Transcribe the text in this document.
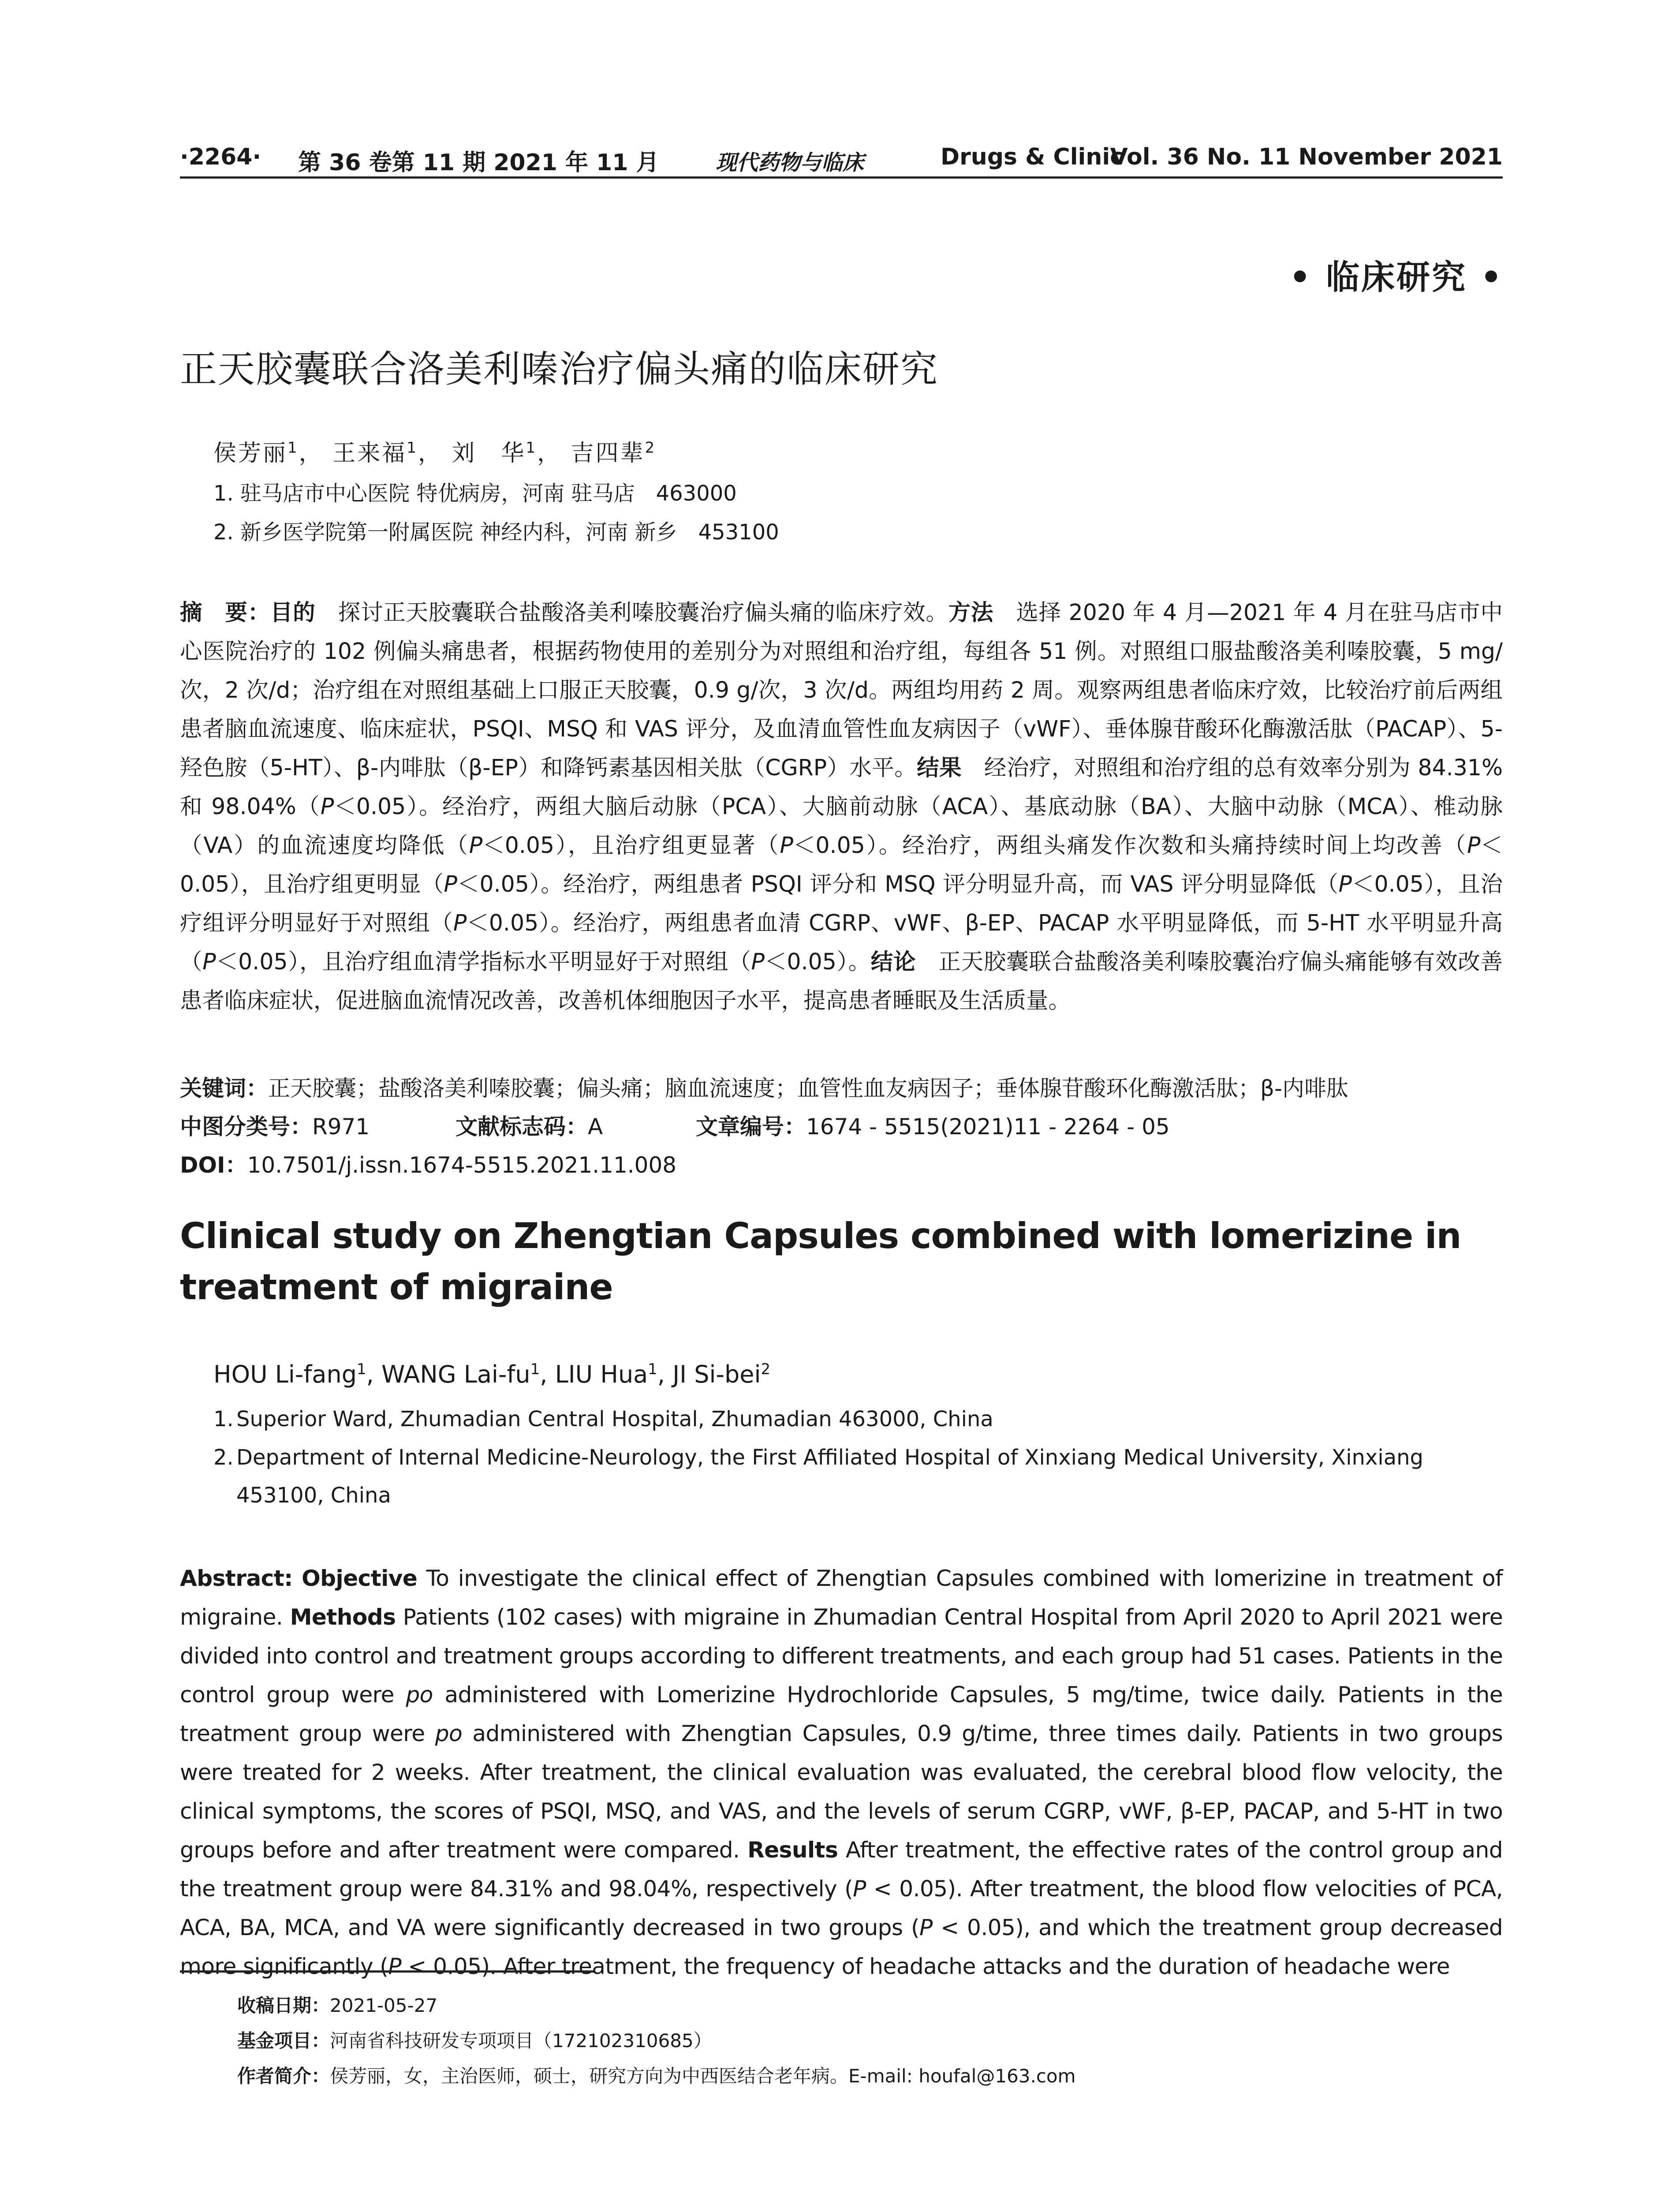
·2264· 第 36 卷第 11 期 2021 年 11 月	现代药物与临床	Drugs & Clinic
Vol. 36 No. 11 November 2021
• 临床研究 •
正天胶囊联合洛美利嗪治疗偏头痛的临床研究
侯芳丽$^1$， 王来福$^1$， 刘　华$^1$， 吉四辈$^2$
1. 驻马店市中心医院 特优病房，河南 驻马店　463000
2. 新乡医学院第一附属医院 神经内科，河南 新乡　453100

摘　要：目的　探讨正天胶囊联合盐酸洛美利嗪胶囊治疗偏头痛的临床疗效。方法　选择 2020 年 4 月—2021 年 4 月在驻马店市中心医院治疗的 102 例偏头痛患者，根据药物使用的差别分为对照组和治疗组，每组各 51 例。对照组口服盐酸洛美利嗪胶囊，5 mg/次，2 次/d；治疗组在对照组基础上口服正天胶囊，0.9 g/次，3 次/d。两组均用药 2 周。观察两组患者临床疗效，比较治疗前后两组患者脑血流速度、临床症状，PSQI、MSQ 和 VAS 评分，及血清血管性血友病因子（vWF）、垂体腺苷酸环化酶激活肽（PACAP）、5-羟色胺（5-HT）、β-内啡肽（β-EP）和降钙素基因相关肽（CGRP）水平。结果　经治疗，对照组和治疗组的总有效率分别为 84.31%和 98.04%（P＜0.05）。经治疗，两组大脑后动脉（PCA）、大脑前动脉（ACA）、基底动脉（BA）、大脑中动脉（MCA）、椎动脉（VA）的血流速度均降低（P＜0.05），且治疗组更显著（P＜0.05）。经治疗，两组头痛发作次数和头痛持续时间上均改善（P＜0.05），且治疗组更明显（P＜0.05）。经治疗，两组患者 PSQI 评分和 MSQ 评分明显升高，而 VAS 评分明显降低（P＜0.05），且治疗组评分明显好于对照组（P＜0.05）。经治疗，两组患者血清 CGRP、vWF、β-EP、PACAP 水平明显降低，而 5-HT 水平明显升高（P＜0.05），且治疗组血清学指标水平明显好于对照组（P＜0.05）。结论　正天胶囊联合盐酸洛美利嗪胶囊治疗偏头痛能够有效改善患者临床症状，促进脑血流情况改善，改善机体细胞因子水平，提高患者睡眠及生活质量。

关键词：正天胶囊；盐酸洛美利嗪胶囊；偏头痛；脑血流速度；血管性血友病因子；垂体腺苷酸环化酶激活肽；β-内啡肽
中图分类号：R971	文献标志码：A	文章编号：1674 - 5515(2021)11 - 2264 - 05
DOI：10.7501/j.issn.1674-5515.2021.11.008
Clinical study on Zhengtian Capsules combined with lomerizine in treatment of migraine
HOU Li-fang$^1$, WANG Lai-$fu^1$, LIU Hua$^1$, JI Si-bei$^2$
1. Superior Ward, Zhumadian Central Hospital, Zhumadian 463000, China
2. Department of Internal Medicine-Neurology, the First Affiliated Hospital of Xinxiang Medical University, Xinxiang 453100, China

Abstract: Objective To investigate the clinical effect of Zhengtian Capsules combined with lomerizine in treatment of migraine. Methods Patients (102 cases) with migraine in Zhumadian Central Hospital from April 2020 to April 2021 were divided into control and treatment groups according to different treatments, and each group had 51 cases. Patients in the control group were po administered with Lomerizine Hydrochloride Capsules, 5 mg/time, twice daily. Patients in the treatment group were po administered with Zhengtian Capsules, 0.9 g/time, three times daily. Patients in two groups were treated for 2 weeks. After treatment, the clinical evaluation was evaluated, the cerebral blood flow velocity, the clinical symptoms, the scores of PSQI, MSQ, and VAS, and the levels of serum CGRP, vWF, β-EP, PACAP, and 5-HT in two groups before and after treatment were compared. Results After treatment, the effective rates of the control group and the treatment group were 84.31% and 98.04%, respectively (P < 0.05). After treatment, the blood flow velocities of PCA, ACA, BA, MCA, and VA were significantly decreased in two groups (P < 0.05), and which the treatment group decreased more significantly (P < 0.05). After treatment, the frequency of headache attacks and the duration of headache were

收稿日期：2021-05-27
基金项目：河南省科技研发专项项目（172102310685）
作者简介：侯芳丽，女，主治医师，硕士，研究方向为中西医结合老年病。E-mail: houfal@163.com
